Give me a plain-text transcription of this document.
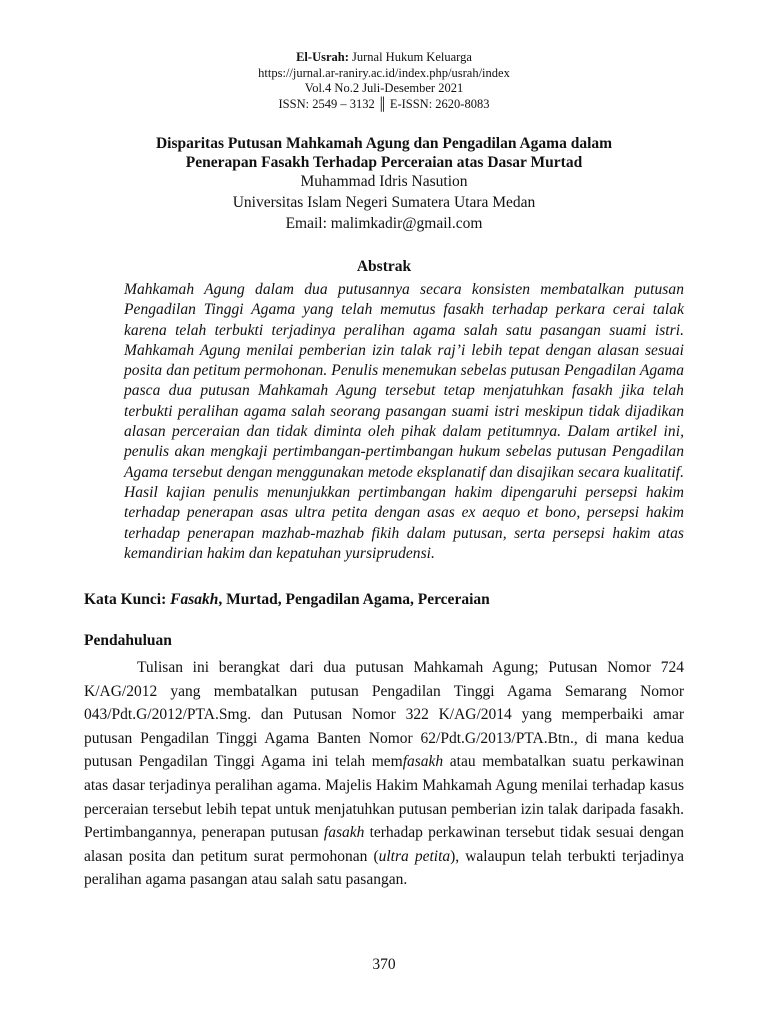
El-Usrah: Jurnal Hukum Keluarga
https://jurnal.ar-raniry.ac.id/index.php/usrah/index
Vol.4 No.2 Juli-Desember 2021
ISSN: 2549 – 3132 ║ E-ISSN: 2620-8083
Disparitas Putusan Mahkamah Agung dan Pengadilan Agama dalam
Penerapan Fasakh Terhadap Perceraian atas Dasar Murtad
Muhammad Idris Nasution
Universitas Islam Negeri Sumatera Utara Medan
Email: malimkadir@gmail.com
Abstrak

Mahkamah Agung dalam dua putusannya secara konsisten membatalkan putusan Pengadilan Tinggi Agama yang telah memutus fasakh terhadap perkara cerai talak karena telah terbukti terjadinya peralihan agama salah satu pasangan suami istri. Mahkamah Agung menilai pemberian izin talak raj’i lebih tepat dengan alasan sesuai posita dan petitum permohonan. Penulis menemukan sebelas putusan Pengadilan Agama pasca dua putusan Mahkamah Agung tersebut tetap menjatuhkan fasakh jika telah terbukti peralihan agama salah seorang pasangan suami istri meskipun tidak dijadikan alasan perceraian dan tidak diminta oleh pihak dalam petitumnya. Dalam artikel ini, penulis akan mengkaji pertimbangan-pertimbangan hukum sebelas putusan Pengadilan Agama tersebut dengan menggunakan metode eksplanatif dan disajikan secara kualitatif. Hasil kajian penulis menunjukkan pertimbangan hakim dipengaruhi persepsi hakim terhadap penerapan asas ultra petita dengan asas ex aequo et bono, persepsi hakim terhadap penerapan mazhab-mazhab fikih dalam putusan, serta persepsi hakim atas kemandirian hakim dan kepatuhan yursiprudensi.

Kata Kunci: Fasakh, Murtad, Pengadilan Agama, Perceraian
Pendahuluan

Tulisan ini berangkat dari dua putusan Mahkamah Agung; Putusan Nomor 724 K/AG/2012 yang membatalkan putusan Pengadilan Tinggi Agama Semarang Nomor 043/Pdt.G/2012/PTA.Smg. dan Putusan Nomor 322 K/AG/2014 yang memperbaiki amar putusan Pengadilan Tinggi Agama Banten Nomor 62/Pdt.G/2013/PTA.Btn., di mana kedua putusan Pengadilan Tinggi Agama ini telah memfasakh atau membatalkan suatu perkawinan atas dasar terjadinya peralihan agama. Majelis Hakim Mahkamah Agung menilai terhadap kasus perceraian tersebut lebih tepat untuk menjatuhkan putusan pemberian izin talak daripada fasakh. Pertimbangannya, penerapan putusan fasakh terhadap perkawinan tersebut tidak sesuai dengan alasan posita dan petitum surat permohonan (ultra petita), walaupun telah terbukti terjadinya peralihan agama pasangan atau salah satu pasangan.

370
